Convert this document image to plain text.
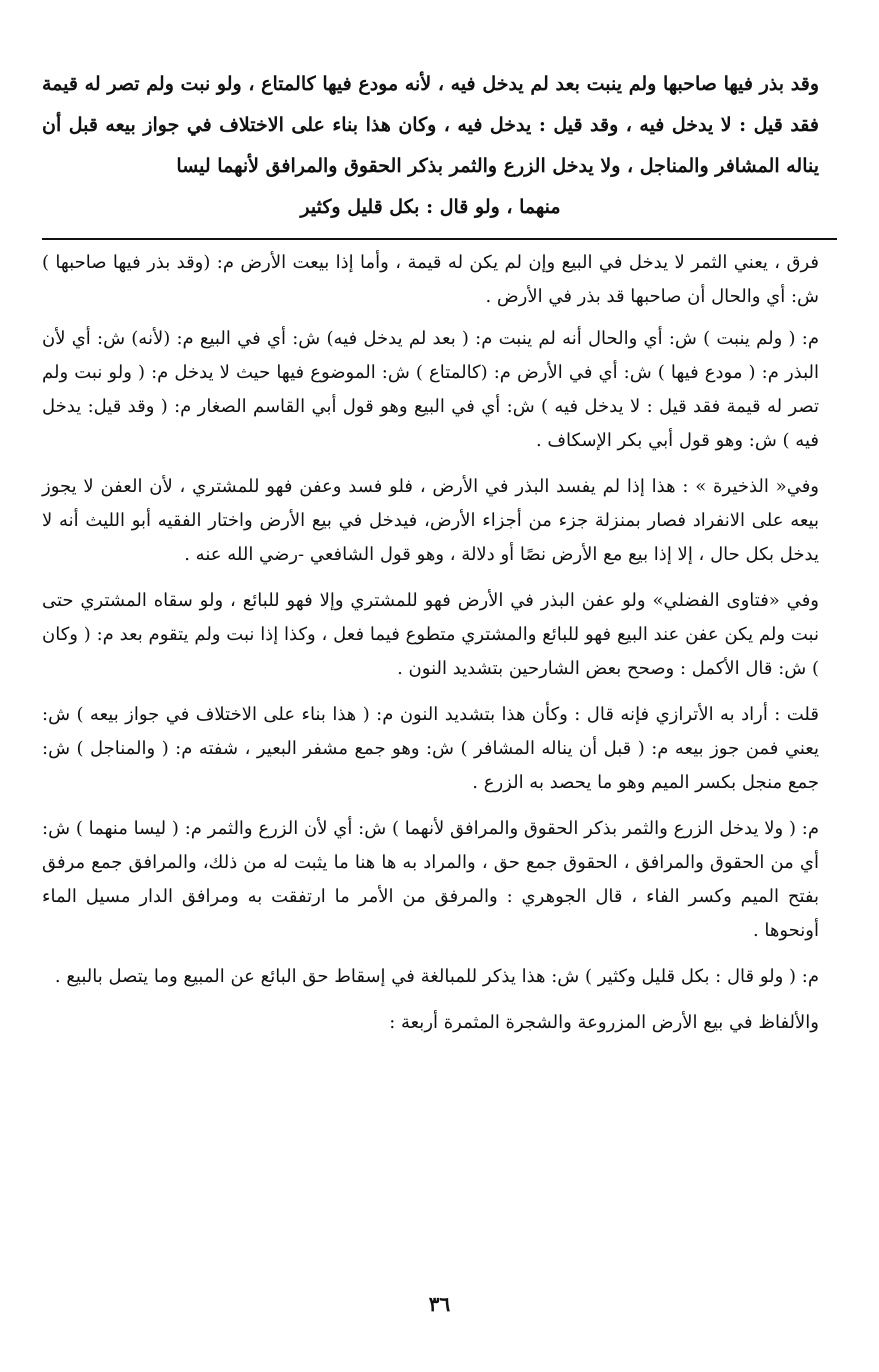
وقد بذر فيها صاحبها ولم ينبت بعد لم يدخل فيه ، لأنه مودع فيها كالمتاع ، ولو نبت ولم تصر له قيمة فقد قيل : لا يدخل فيه ، وقد قيل : يدخل فيه ، وكان هذا بناء على الاختلاف في جواز بيعه قبل أن يناله المشافر والمناجل ، ولا يدخل الزرع والثمر بذكر الحقوق والمرافق لأنهما ليسا
منهما ، ولو قال : بكل قليل وكثير

فرق ، يعني الثمر لا يدخل في البيع وإن لم يكن له قيمة ، وأما إذا بيعت الأرض م: (وقد بذر فيها صاحبها ) ش: أي والحال أن صاحبها قد بذر في الأرض .

م: ( ولم ينبت ) ش: أي والحال أنه لم ينبت م: ( بعد لم يدخل فيه) ش: أي في البيع م: (لأنه) ش: أي لأن البذر م: ( مودع فيها ) ش: أي في الأرض م: (كالمتاع ) ش: الموضوع فيها حيث لا يدخل م: ( ولو نبت ولم تصر له قيمة فقد قيل : لا يدخل فيه ) ش: أي في البيع وهو قول أبي القاسم الصغار م: ( وقد قيل: يدخل فيه ) ش: وهو قول أبي بكر الإسكاف .

وفي« الذخيرة » : هذا إذا لم يفسد البذر في الأرض ، فلو فسد وعفن فهو للمشتري ، لأن العفن لا يجوز بيعه على الانفراد فصار بمنزلة جزء من أجزاء الأرض، فيدخل في بيع الأرض واختار الفقيه أبو الليث أنه لا يدخل بكل حال ، إلا إذا بيع مع الأرض نصًا أو دلالة ، وهو قول الشافعي -رضي الله عنه .

وفي «فتاوى الفضلي» ولو عفن البذر في الأرض فهو للمشتري وإلا فهو للبائع ، ولو سقاه المشتري حتى نبت ولم يكن عفن عند البيع فهو للبائع والمشتري متطوع فيما فعل ، وكذا إذا نبت ولم يتقوم بعد م: ( وكان ) ش: قال الأكمل : وصحح بعض الشارحين بتشديد النون .

قلت : أراد به الأترازي فإنه قال : وكأن هذا بتشديد النون م: ( هذا بناء على الاختلاف في جواز بيعه ) ش: يعني فمن جوز بيعه م: ( قبل أن يناله المشافر ) ش: وهو جمع مشفر البعير ، شفته م: ( والمناجل ) ش: جمع منجل بكسر الميم وهو ما يحصد به الزرع .

م: ( ولا يدخل الزرع والثمر بذكر الحقوق والمرافق لأنهما ) ش: أي لأن الزرع والثمر م: ( ليسا منهما ) ش: أي من الحقوق والمرافق ، الحقوق جمع حق ، والمراد به ها هنا ما يثبت له من ذلك، والمرافق جمع مرفق بفتح الميم وكسر الفاء ، قال الجوهري : والمرفق من الأمر ما ارتفقت به ومرافق الدار مسيل الماء أونحوها .

م: ( ولو قال : بكل قليل وكثير ) ش: هذا يذكر للمبالغة في إسقاط حق البائع عن المبيع وما يتصل بالبيع .

والألفاظ في بيع الأرض المزروعة والشجرة المثمرة أربعة :

٣٦
